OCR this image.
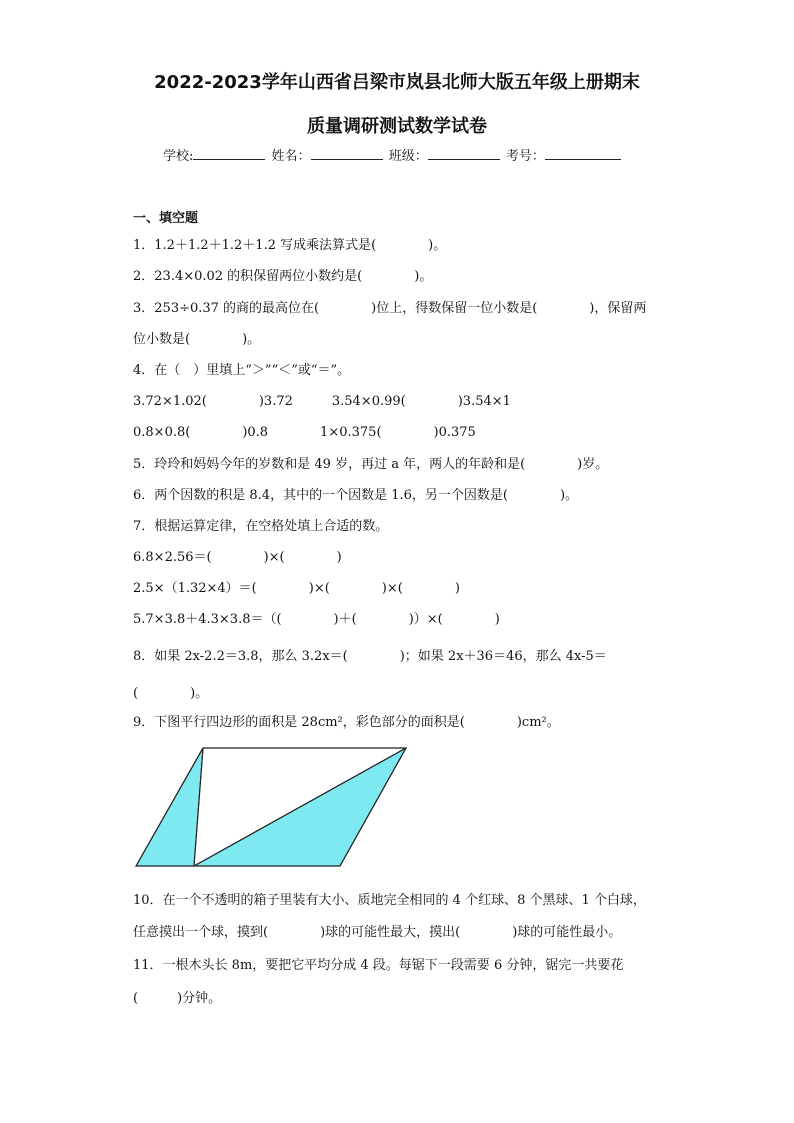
2022-2023学年山西省吕梁市岚县北师大版五年级上册期末
质量调研测试数学试卷
学校:	姓名：	班级：	考号：
一、填空题
1．1.2＋1.2＋1.2＋1.2 写成乘法算式是(　　　　)。
2．23.4×0.02 的积保留两位小数约是(　　　　)。
3．253÷0.37 的商的最高位在(　　　　)位上，得数保留一位小数是(　　　　)，保留两
位小数是(　　　　)。
4．在（　）里填上“＞”“＜”或“＝”。
3.72×1.02(　　　　)3.72　　　3.54×0.99(　　　　)3.54×1
0.8×0.8(　　　　)0.8　　　　1×0.375(　　　　)0.375
5．玲玲和妈妈今年的岁数和是 49 岁，再过 a 年，两人的年龄和是(　　　　)岁。
6．两个因数的积是 8.4，其中的一个因数是 1.6，另一个因数是(　　　　)。
7．根据运算定律，在空格处填上合适的数。
6.8×2.56＝(　　　　)×(　　　　)
2.5×（1.32×4）＝(　　　　)×(　　　　)×(　　　　)
5.7×3.8＋4.3×3.8＝（(　　　　)＋(　　　　)）×(　　　　)
8．如果 2x-2.2＝3.8，那么 3.2x＝(　　　　)；如果 2x＋36＝46，那么 4x-5＝
(　　　　)。
9．下图平行四边形的面积是 28cm²，彩色部分的面积是(　　　　)cm²。
10．在一个不透明的箱子里装有大小、质地完全相同的 4 个红球、8 个黑球、1 个白球，
任意摸出一个球，摸到(　　　　)球的可能性最大，摸出(　　　　)球的可能性最小。
11．一根木头长 8m，要把它平均分成 4 段。每锯下一段需要 6 分钟，锯完一共要花
(　　　)分钟。
